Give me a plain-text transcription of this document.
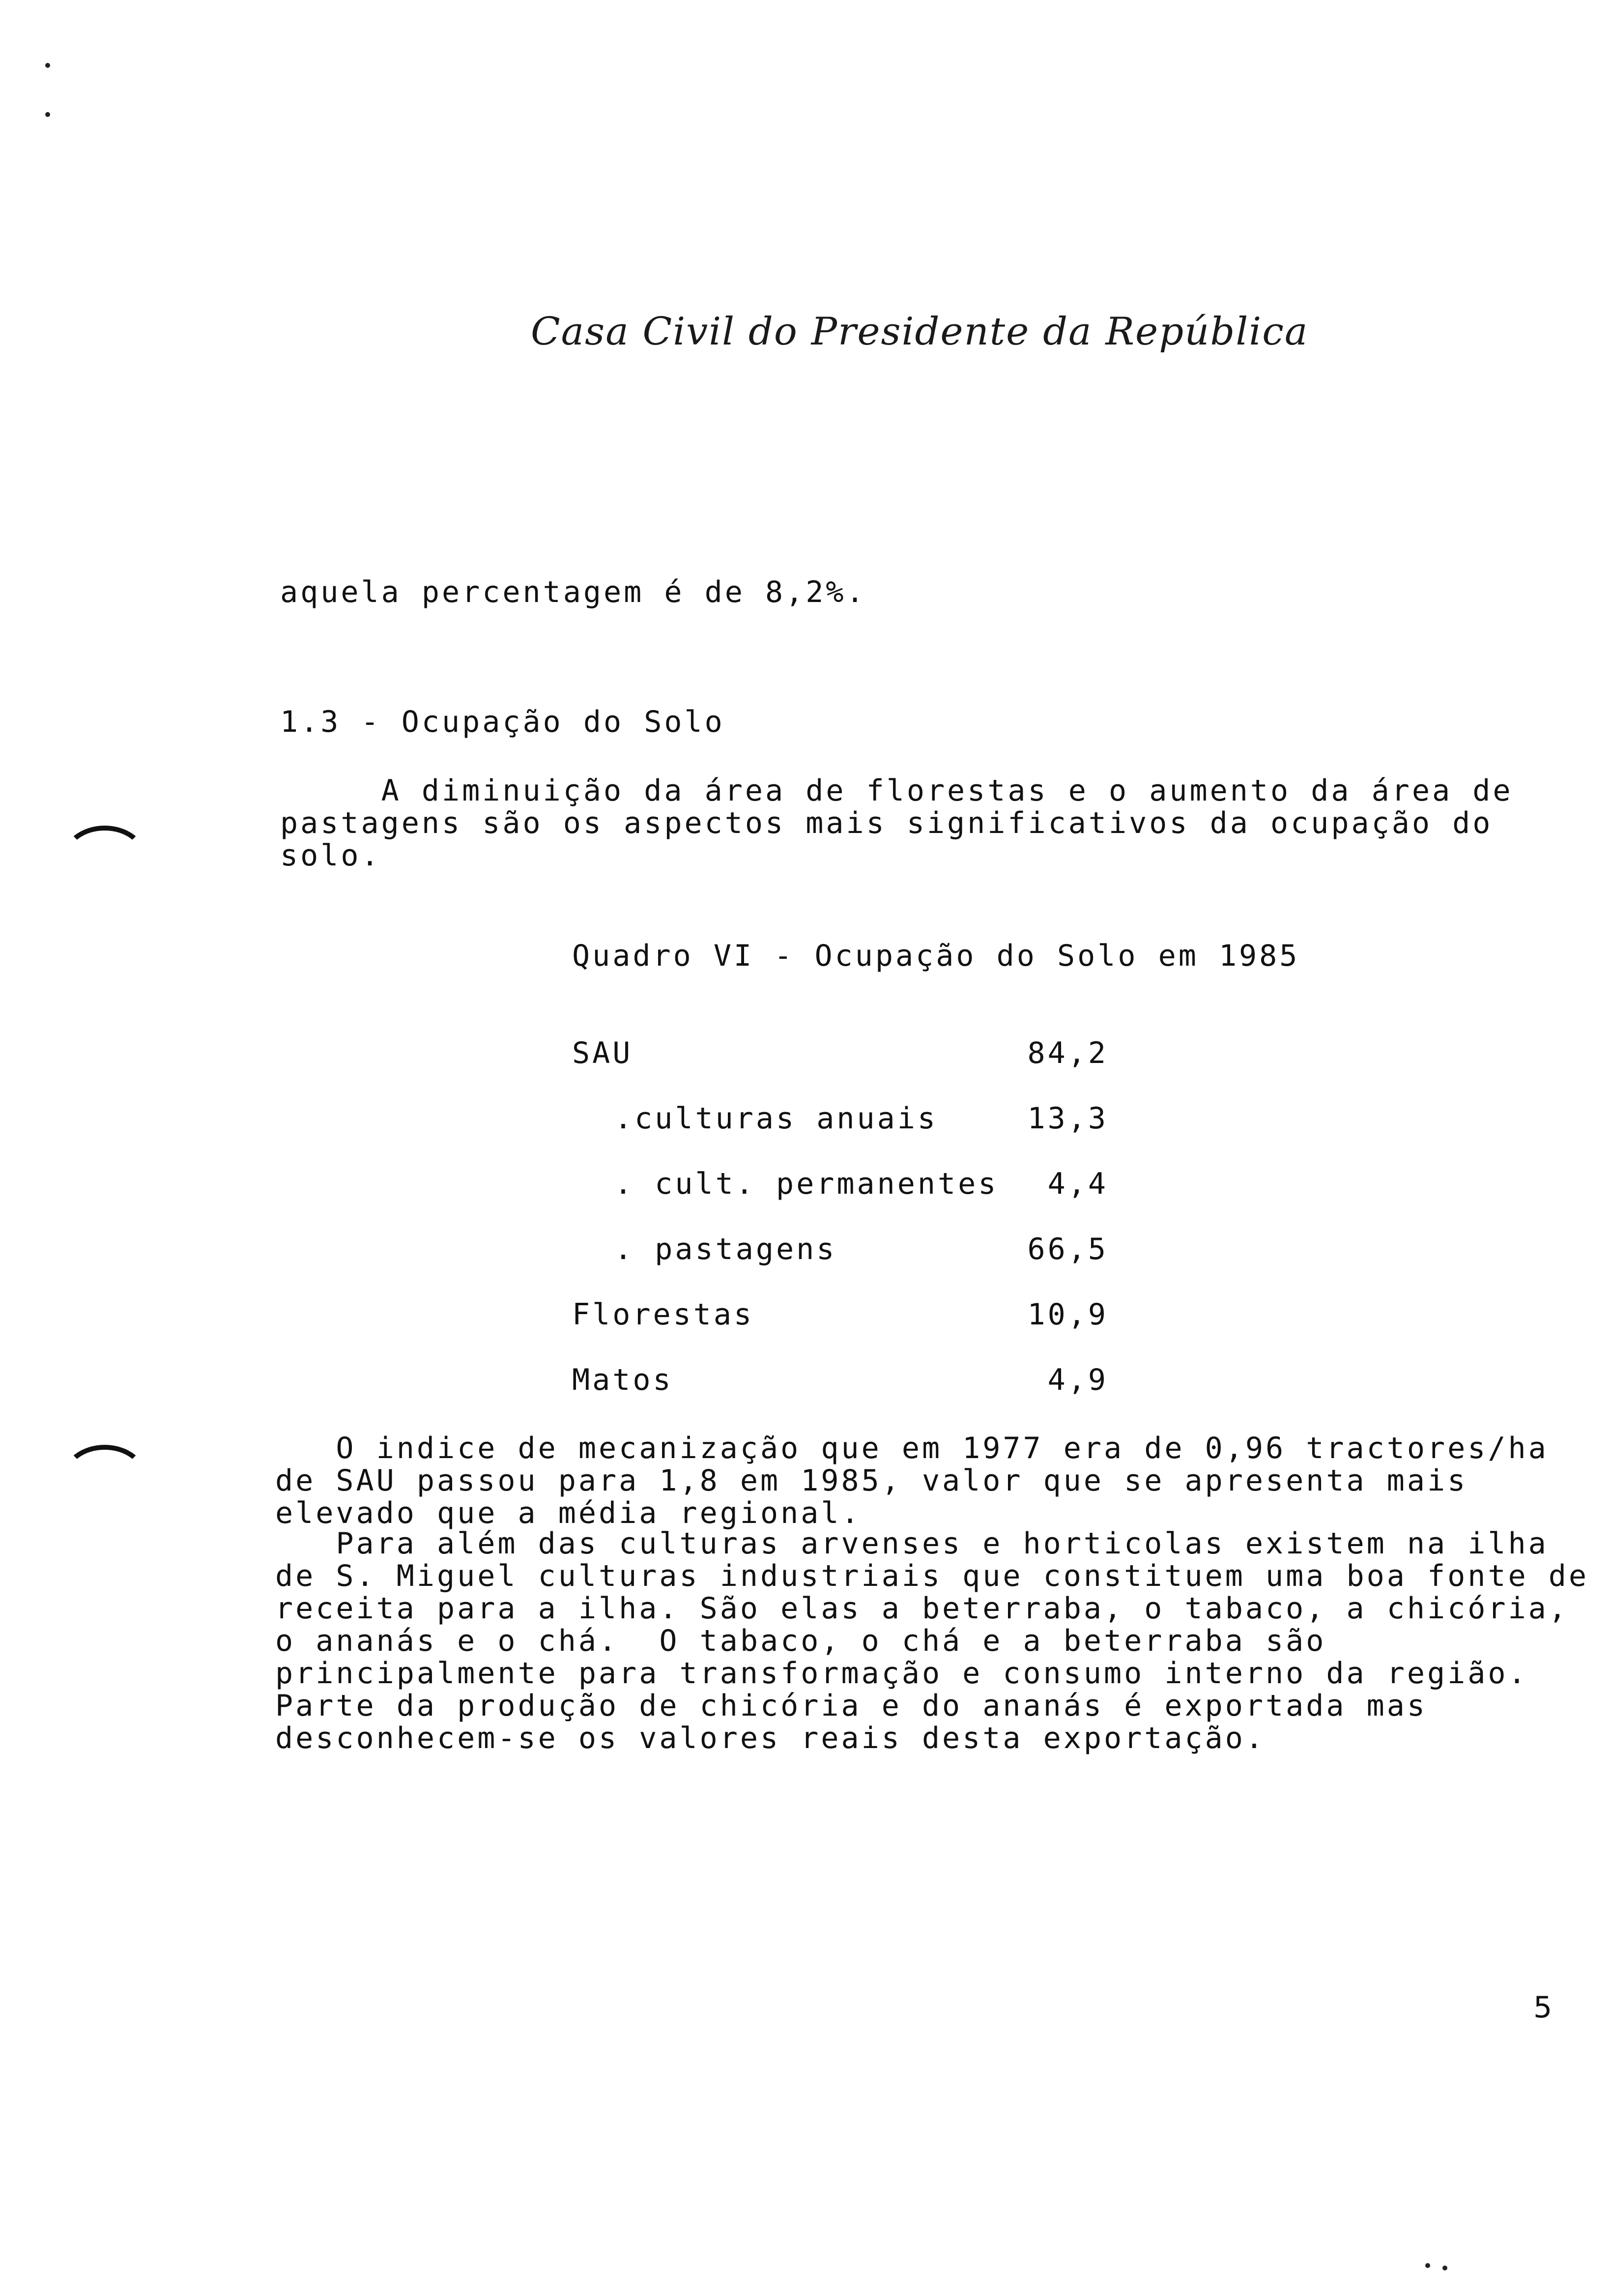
Casa Civil do Presidente da República
aquela percentagem é de 8,2%.
1.3 - Ocupação do Solo
A diminuição da área de florestas e o aumento da área de
pastagens são os aspectos mais significativos da ocupação do
solo.
Quadro VI - Ocupação do Solo em 1985
SAU	84,2
.culturas anuais	13,3
. cult. permanentes	4,4
. pastagens	66,5
Florestas	10,9
Matos	4,9
O indice de mecanização que em 1977 era de 0,96 tractores/ha
de SAU passou para 1,8 em 1985, valor que se apresenta mais
elevado que a média regional.
Para além das culturas arvenses e horticolas existem na ilha
de S. Miguel culturas industriais que constituem uma boa fonte de
receita para a ilha. São elas a beterraba, o tabaco, a chicória,
o ananás e o chá.  O tabaco, o chá e a beterraba são
principalmente para transformação e consumo interno da região.
Parte da produção de chicória e do ananás é exportada mas
desconhecem-se os valores reais desta exportação.
5
